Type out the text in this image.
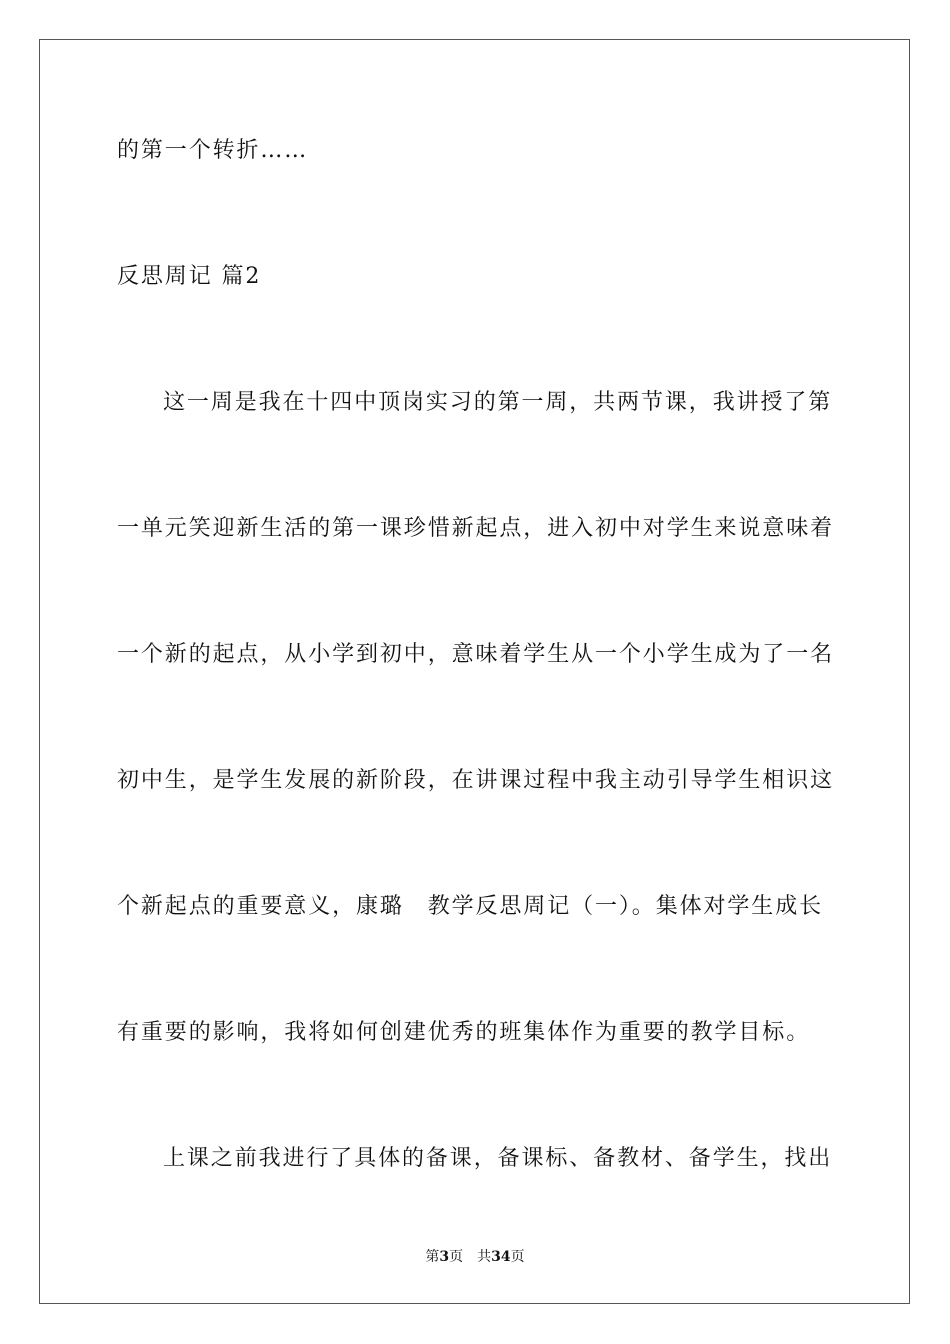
的第一个转折……
反思周记 篇2
这一周是我在十四中顶岗实习的第一周，共两节课，我讲授了第
一单元笑迎新生活的第一课珍惜新起点，进入初中对学生来说意味着
一个新的起点，从小学到初中，意味着学生从一个小学生成为了一名
初中生，是学生发展的新阶段，在讲课过程中我主动引导学生相识这
个新起点的重要意义，康璐　教学反思周记（一）。集体对学生成长
有重要的影响，我将如何创建优秀的班集体作为重要的教学目标。
上课之前我进行了具体的备课，备课标、备教材、备学生，找出
第3页 共34页
